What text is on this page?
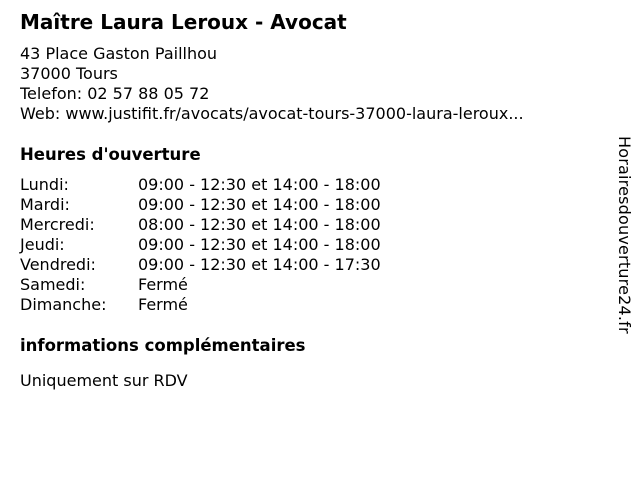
Maître Laura Leroux - Avocat
43 Place Gaston Paillhou
37000 Tours
Telefon: 02 57 88 05 72
Web: www.justifit.fr/avocats/avocat-tours-37000-laura-leroux...
Heures d'ouverture
Lundi:	09:00 - 12:30 et 14:00 - 18:00
Mardi:	09:00 - 12:30 et 14:00 - 18:00
Mercredi:	08:00 - 12:30 et 14:00 - 18:00
Jeudi:	09:00 - 12:30 et 14:00 - 18:00
Vendredi:	09:00 - 12:30 et 14:00 - 17:30
Samedi:	Fermé
Dimanche: Fermé
informations complémentaires
Uniquement sur RDV
Horairesdouverture24.fr
